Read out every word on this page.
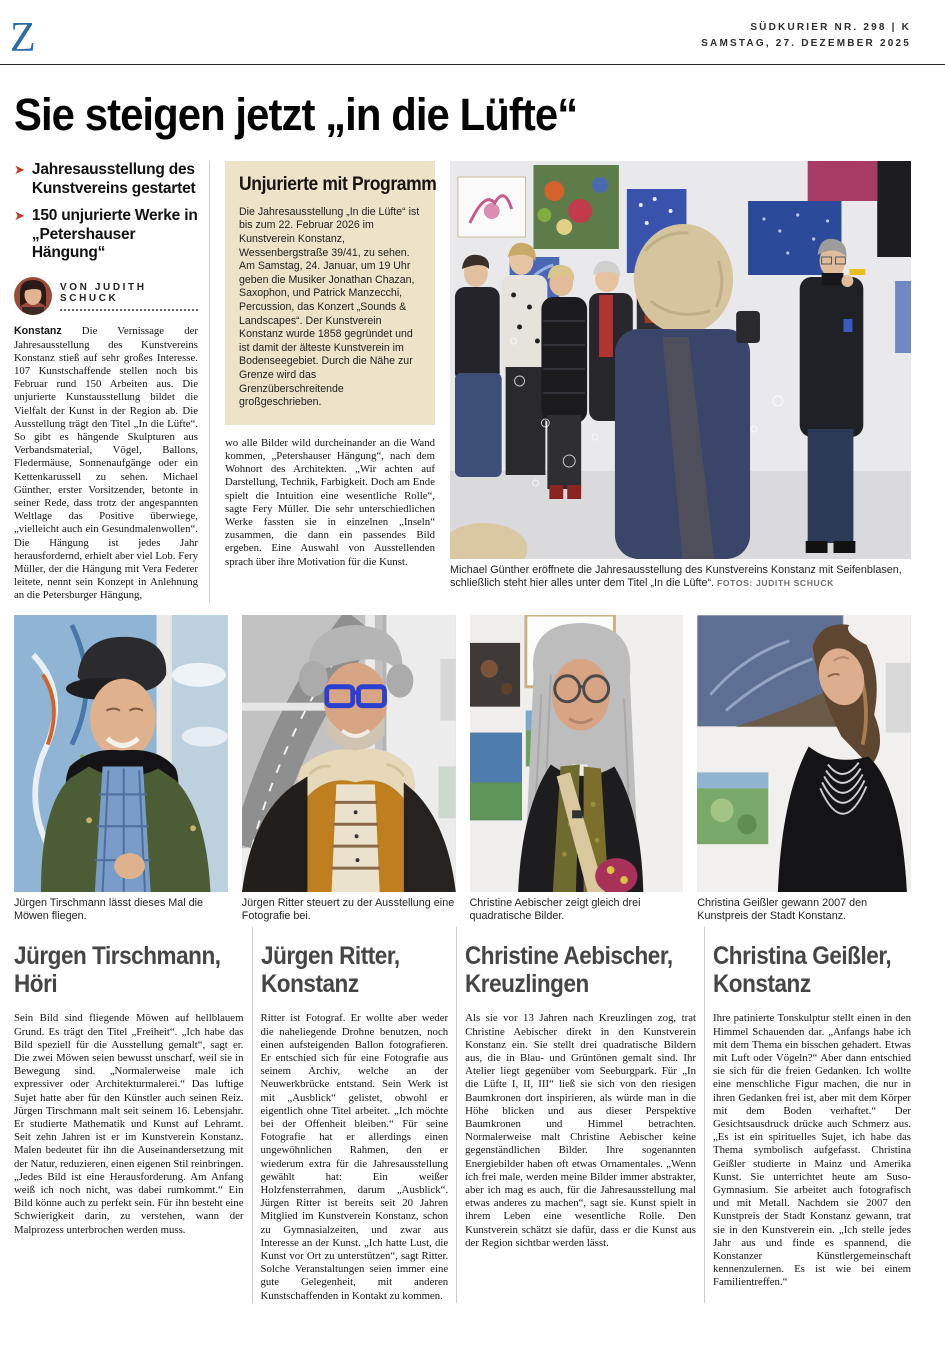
Z	SÜDKURIER NR. 298 | K
SAMSTAG, 27. DEZEMBER 2025
Sie steigen jetzt „in die Lüfte“
➤ Jahresausstellung des Kunstvereins gestartet
➤ 150 unjurierte Werke in „Petershauser Hängung“
VON JUDITH SCHUCK

Konstanz Die Vernissage der Jahresausstellung des Kunstvereins Konstanz stieß auf sehr großes Interesse. 107 Kunstschaffende stellen noch bis Februar rund 150 Arbeiten aus. Die unjurierte Kunstausstellung bildet die Vielfalt der Kunst in der Region ab. Die Ausstellung trägt den Titel „In die Lüfte“. So gibt es hängende Skulpturen aus Verbandsmaterial, Vögel, Ballons, Fledermäuse, Sonnenaufgänge oder ein Kettenkarussell zu sehen. Michael Günther, erster Vorsitzender, betonte in seiner Rede, dass trotz der angespannten Weltlage das Positive überwiege, „vielleicht auch ein Gesundmalenwollen“. Die Hängung ist jedes Jahr herausfordernd, erhielt aber viel Lob. Fery Müller, der die Hängung mit Vera Federer leitete, nennt sein Konzept in Anlehnung an die Petersburger Hängung,

Unjurierte mit Programm
Die Jahresausstellung „In die Lüfte“ ist bis zum 22. Februar 2026 im Kunstverein Konstanz, Wessenbergstraße 39/41, zu sehen. Am Samstag, 24. Januar, um 19 Uhr geben die Musiker Jonathan Chazan, Saxophon, und Patrick Manzecchi, Percussion, das Konzert „Sounds & Landscapes“. Der Kunstverein Konstanz wurde 1858 gegründet und ist damit der älteste Kunstverein im Bodenseegebiet. Durch die Nähe zur Grenze wird das Grenzüberschreitende großgeschrieben.

wo alle Bilder wild durcheinander an die Wand kommen, „Petershauser Hängung“, nach dem Wohnort des Architekten. „Wir achten auf Darstellung, Technik, Farbigkeit. Doch am Ende spielt die Intuition eine wesentliche Rolle“, sagte Fery Müller. Die sehr unterschiedlichen Werke fassten sie in einzelnen „Inseln“ zusammen, die dann ein passendes Bild ergeben. Eine Auswahl von Ausstellenden sprach über ihre Motivation für die Kunst.

Michael Günther eröffnete die Jahresausstellung des Kunstvereins Konstanz mit Seifenblasen, schließlich steht hier alles unter dem Titel „In die Lüfte“. FOTOS: JUDITH SCHUCK
Jürgen Tirschmann lässt dieses Mal die Möwen fliegen.
Jürgen Ritter steuert zu der Ausstellung eine Fotografie bei.
Christine Aebischer zeigt gleich drei quadratische Bilder.
Christina Geißler gewann 2007 den Kunstpreis der Stadt Konstanz.
Jürgen Tirschmann,
Höri

Sein Bild sind fliegende Möwen auf hellblauem Grund. Es trägt den Titel „Freiheit“. „Ich habe das Bild speziell für die Ausstellung gemalt“, sagt er. Die zwei Möwen seien bewusst unscharf, weil sie in Bewegung sind. „Normalerweise male ich expressiver oder Architekturmalerei.“ Das luftige Sujet hatte aber für den Künstler auch seinen Reiz. Jürgen Tirschmann malt seit seinem 16. Lebensjahr. Er studierte Mathematik und Kunst auf Lehramt. Seit zehn Jahren ist er im Kunstverein Konstanz. Malen bedeutet für ihn die Auseinandersetzung mit der Natur, reduzieren, einen eigenen Stil reinbringen. „Jedes Bild ist eine Herausforderung. Am Anfang weiß ich noch nicht, was dabei rumkommt.“ Ein Bild könne auch zu perfekt sein. Für ihn besteht eine Schwierigkeit darin, zu verstehen, wann der Malprozess unterbrochen werden muss.

Jürgen Ritter,
Konstanz

Ritter ist Fotograf. Er wollte aber weder die naheliegende Drohne benutzen, noch einen aufsteigenden Ballon fotografieren. Er entschied sich für eine Fotografie aus seinem Archiv, welche an der Neuwerkbrücke entstand. Sein Werk ist mit „Ausblick“ gelistet, obwohl er eigentlich ohne Titel arbeitet. „Ich möchte bei der Offenheit bleiben.“ Für seine Fotografie hat er allerdings einen ungewöhnlichen Rahmen, den er wiederum extra für die Jahresausstellung gewählt hat: Ein weißer Holzfensterrahmen, darum „Ausblick“. Jürgen Ritter ist bereits seit 20 Jahren Mitglied im Kunstverein Konstanz, schon zu Gymnasialzeiten, und zwar aus Interesse an der Kunst. „Ich hatte Lust, die Kunst vor Ort zu unterstützen“, sagt Ritter. Solche Veranstaltungen seien immer eine gute Gelegenheit, mit anderen Kunstschaffenden in Kontakt zu kommen.

Christine Aebischer,
Kreuzlingen

Als sie vor 13 Jahren nach Kreuzlingen zog, trat Christine Aebischer direkt in den Kunstverein Konstanz ein. Sie stellt drei quadratische Bildern aus, die in Blau- und Grüntönen gemalt sind. Ihr Atelier liegt gegenüber vom Seeburgpark. Für „In die Lüfte I, II, III“ ließ sie sich von den riesigen Baumkronen dort inspirieren, als würde man in die Höhe blicken und aus dieser Perspektive Baumkronen und Himmel betrachten. Normalerweise malt Christine Aebischer keine gegenständlichen Bilder. Ihre sogenannten Energiebilder haben oft etwas Ornamentales. „Wenn ich frei male, werden meine Bilder immer abstrakter, aber ich mag es auch, für die Jahresausstellung mal etwas anderes zu machen“, sagt sie. Kunst spielt in ihrem Leben eine wesentliche Rolle. Den Kunstverein schätzt sie dafür, dass er die Kunst aus der Region sichtbar werden lässt.

Christina Geißler,
Konstanz

Ihre patinierte Tonskulptur stellt einen in den Himmel Schauenden dar. „Anfangs habe ich mit dem Thema ein bisschen gehadert. Etwas mit Luft oder Vögeln?“ Aber dann entschied sie sich für die freien Gedanken. Ich wollte eine menschliche Figur machen, die nur in ihren Gedanken frei ist, aber mit dem Körper mit dem Boden verhaftet.“ Der Gesichtsausdruck drücke auch Schmerz aus. „Es ist ein spirituelles Sujet, ich habe das Thema symbolisch aufgefasst. Christina Geißler studierte in Mainz und Amerika Kunst. Sie unterrichtet heute am Suso-Gymnasium. Sie arbeitet auch fotografisch und mit Metall. Nachdem sie 2007 den Kunstpreis der Stadt Konstanz gewann, trat sie in den Kunstverein ein. „Ich stelle jedes Jahr aus und finde es spannend, die Konstanzer Künstlergemeinschaft kennenzulernen. Es ist wie bei einem Familientreffen.“
